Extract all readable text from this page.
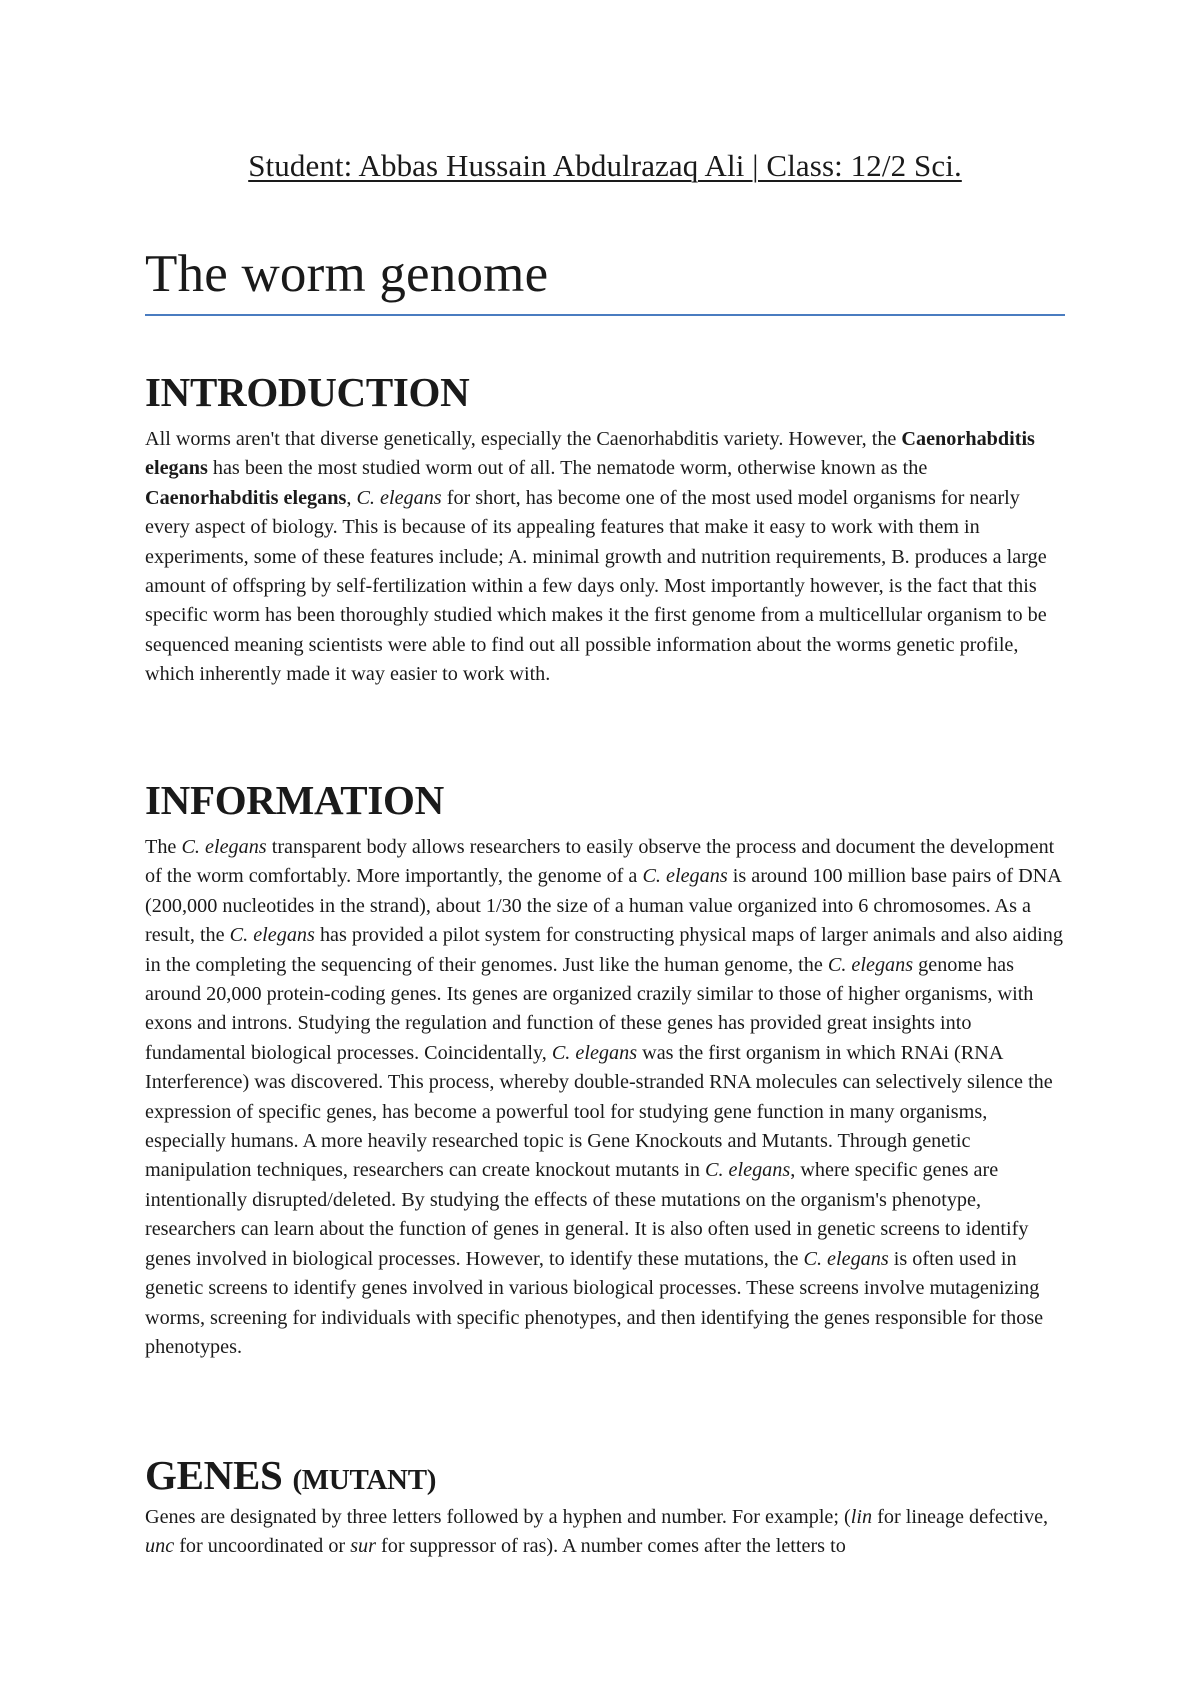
Student: Abbas Hussain Abdulrazaq Ali | Class: 12/2 Sci.
The worm genome
INTRODUCTION

All worms aren't that diverse genetically, especially the Caenorhabditis variety. However, the Caenorhabditis elegans has been the most studied worm out of all. The nematode worm, otherwise known as the Caenorhabditis elegans, C. elegans for short, has become one of the most used model organisms for nearly every aspect of biology. This is because of its appealing features that make it easy to work with them in experiments, some of these features include; A. minimal growth and nutrition requirements, B. produces a large amount of offspring by self-fertilization within a few days only. Most importantly however, is the fact that this specific worm has been thoroughly studied which makes it the first genome from a multicellular organism to be sequenced meaning scientists were able to find out all possible information about the worms genetic profile, which inherently made it way easier to work with.

INFORMATION

The C. elegans transparent body allows researchers to easily observe the process and document the development of the worm comfortably. More importantly, the genome of a C. elegans is around 100 million base pairs of DNA (200,000 nucleotides in the strand), about 1/30 the size of a human value organized into 6 chromosomes. As a result, the C. elegans has provided a pilot system for constructing physical maps of larger animals and also aiding in the completing the sequencing of their genomes. Just like the human genome, the C. elegans genome has around 20,000 protein-coding genes. Its genes are organized crazily similar to those of higher organisms, with exons and introns. Studying the regulation and function of these genes has provided great insights into fundamental biological processes. Coincidentally, C. elegans was the first organism in which RNAi (RNA Interference) was discovered. This process, whereby double-stranded RNA molecules can selectively silence the expression of specific genes, has become a powerful tool for studying gene function in many organisms, especially humans. A more heavily researched topic is Gene Knockouts and Mutants. Through genetic manipulation techniques, researchers can create knockout mutants in C. elegans, where specific genes are intentionally disrupted/deleted. By studying the effects of these mutations on the organism's phenotype, researchers can learn about the function of genes in general. It is also often used in genetic screens to identify genes involved in biological processes. However, to identify these mutations, the C. elegans is often used in genetic screens to identify genes involved in various biological processes. These screens involve mutagenizing worms, screening for individuals with specific phenotypes, and then identifying the genes responsible for those phenotypes.

GENES (MUTANT)

Genes are designated by three letters followed by a hyphen and number. For example; (lin for lineage defective, unc for uncoordinated or sur for suppressor of ras). A number comes after the letters to
